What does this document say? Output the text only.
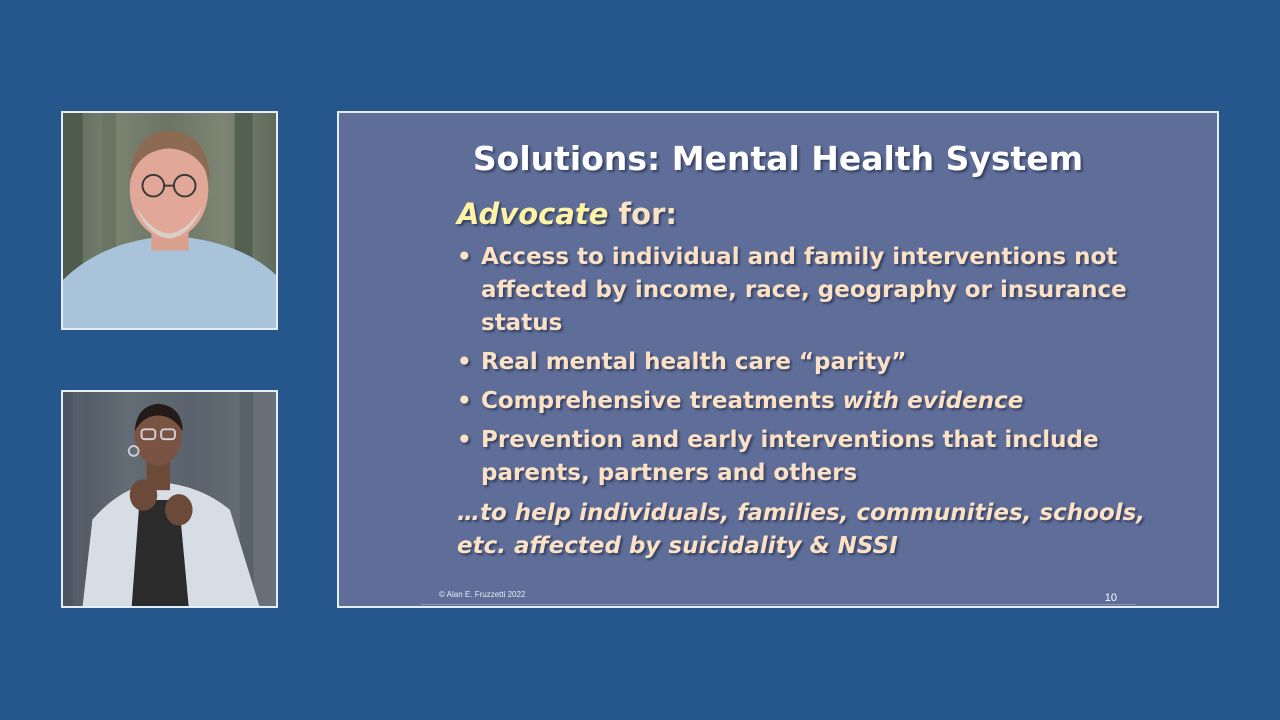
Solutions: Mental Health System
Advocate for:
• Access to individual and family interventions not affected by income, race, geography or insurance status
• Real mental health care “parity”
• Comprehensive treatments with evidence
• Prevention and early interventions that include parents, partners and others
…to help individuals, families, communities, schools, etc. affected by suicidality & NSSI
© Alan E. Fruzzetti 2022	10
